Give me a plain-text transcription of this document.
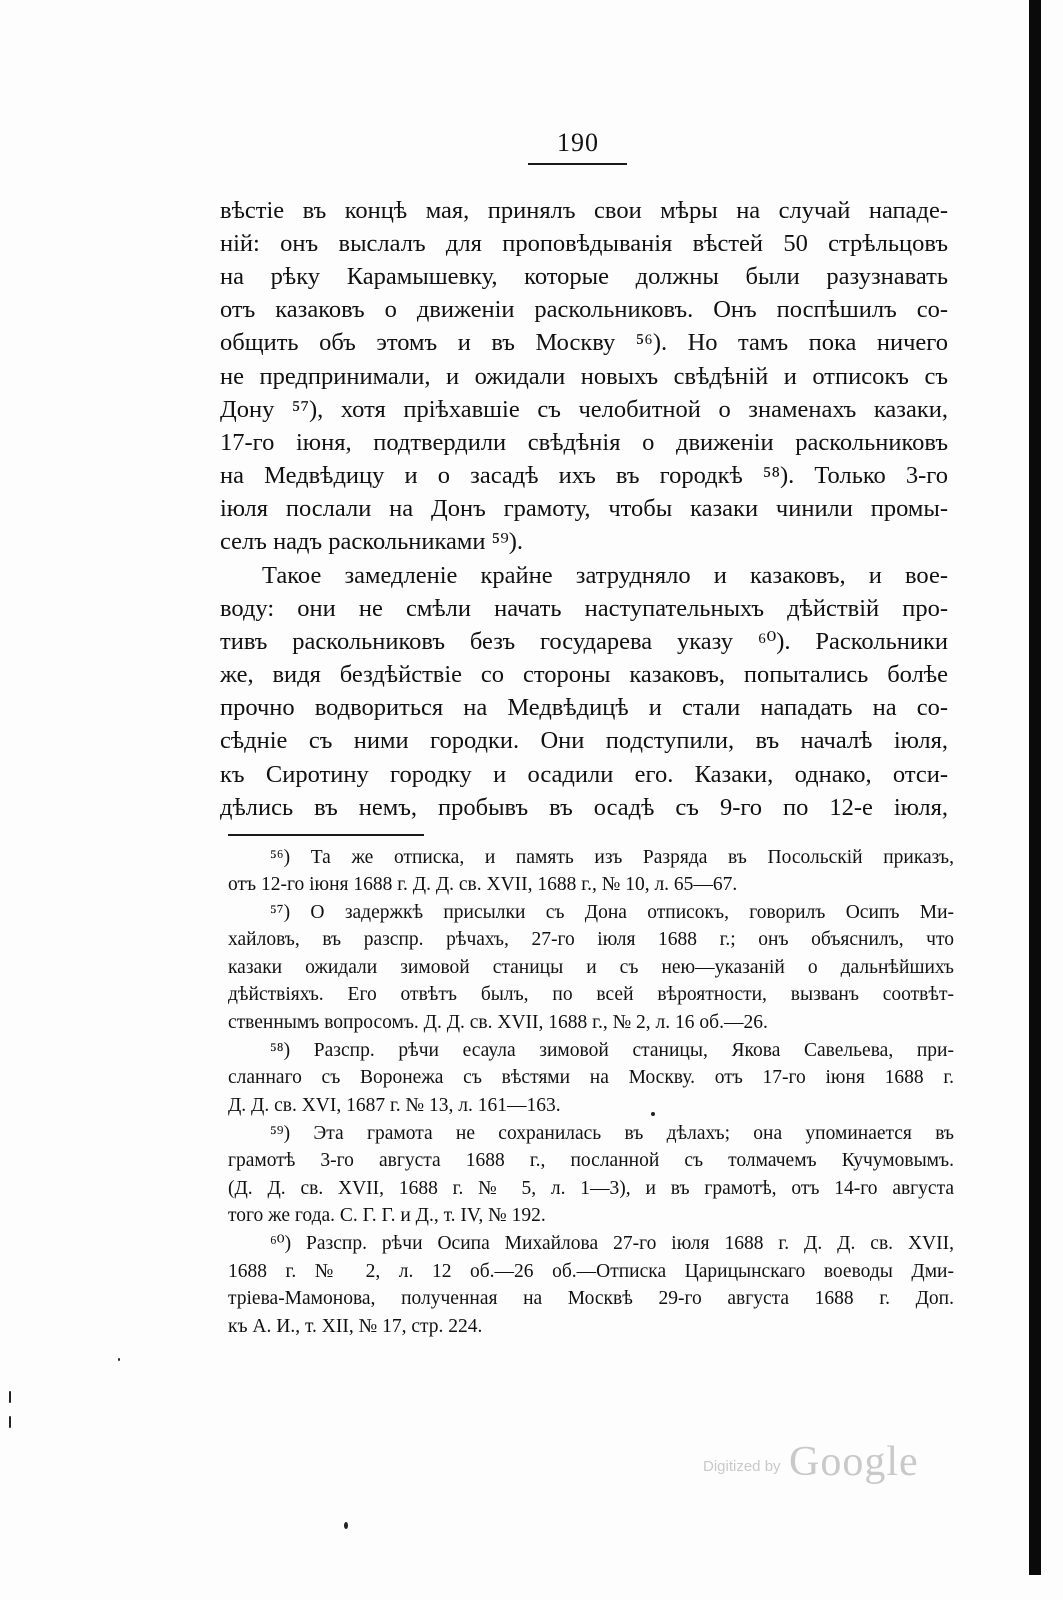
190
вѣстіе въ концѣ мая, принялъ свои мѣры на случай нападе-
ній: онъ выслалъ для проповѣдыванія вѣстей 50 стрѣльцовъ
на рѣку Карамышевку, которые должны были разузнавать
отъ казаковъ о движеніи раскольниковъ. Онъ поспѣшилъ со-
общить объ этомъ и въ Москву ⁵⁶). Но тамъ пока ничего
не предпринимали, и ожидали новыхъ свѣдѣній и отписокъ съ
Дону ⁵⁷), хотя пріѣхавшіе съ челобитной о знаменахъ казаки,
17-го іюня, подтвердили свѣдѣнія о движеніи раскольниковъ
на Медвѣдицу и о засадѣ ихъ въ городкѣ ⁵⁸). Только 3-го
іюля послали на Донъ грамоту, чтобы казаки чинили промы-
селъ надъ раскольниками ⁵⁹).
Такое замедленіе крайне затрудняло и казаковъ, и вое-
воду: они не смѣли начать наступательныхъ дѣйствій про-
тивъ раскольниковъ безъ государева указу ⁶⁰). Раскольники
же, видя бездѣйствіе со стороны казаковъ, попытались болѣе
прочно водвориться на Медвѣдицѣ и стали нападать на со-
сѣдніе съ ними городки. Они подступили, въ началѣ іюля,
къ Сиротину городку и осадили его. Казаки, однако, отси-
дѣлись въ немъ, пробывъ въ осадѣ съ 9-го по 12-е іюля,
⁵⁶) Та же отписка, и память изъ Разряда въ Посольскій приказъ,
отъ 12-го іюня 1688 г. Д. Д. св. XVII, 1688 г., № 10, л. 65—67.
⁵⁷) О задержкѣ присылки съ Дона отписокъ, говорилъ Осипъ Ми-
хайловъ, въ разспр. рѣчахъ, 27-го іюля 1688 г.; онъ объяснилъ, что
казаки ожидали зимовой станицы и съ нею—указаній о дальнѣйшихъ
дѣйствіяхъ. Его отвѣтъ былъ, по всей вѣроятности, вызванъ соотвѣт-
ственнымъ вопросомъ. Д. Д. св. XVII, 1688 г., № 2, л. 16 об.—26.
⁵⁸) Разспр. рѣчи есаула зимовой станицы, Якова Савельева, при-
сланнаго съ Воронежа съ вѣстями на Москву. отъ 17-го іюня 1688 г.
Д. Д. св. XVI, 1687 г. № 13, л. 161—163.
⁵⁹) Эта грамота не сохранилась въ дѣлахъ; она упоминается въ
грамотѣ 3-го августа 1688 г., посланной съ толмачемъ Кучумовымъ.
(Д. Д. св. XVII, 1688 г. № 5, л. 1—3), и въ грамотѣ, отъ 14-го августа
того же года. С. Г. Г. и Д., т. IV, № 192.
⁶⁰) Разспр. рѣчи Осипа Михайлова 27-го іюля 1688 г. Д. Д. св. XVII,
1688 г. № 2, л. 12 об.—26 об.—Отписка Царицынскаго воеводы Дми-
тріева-Мамонова, полученная на Москвѣ 29-го августа 1688 г. Доп.
къ А. И., т. XII, № 17, стр. 224.
Digitized by Google
